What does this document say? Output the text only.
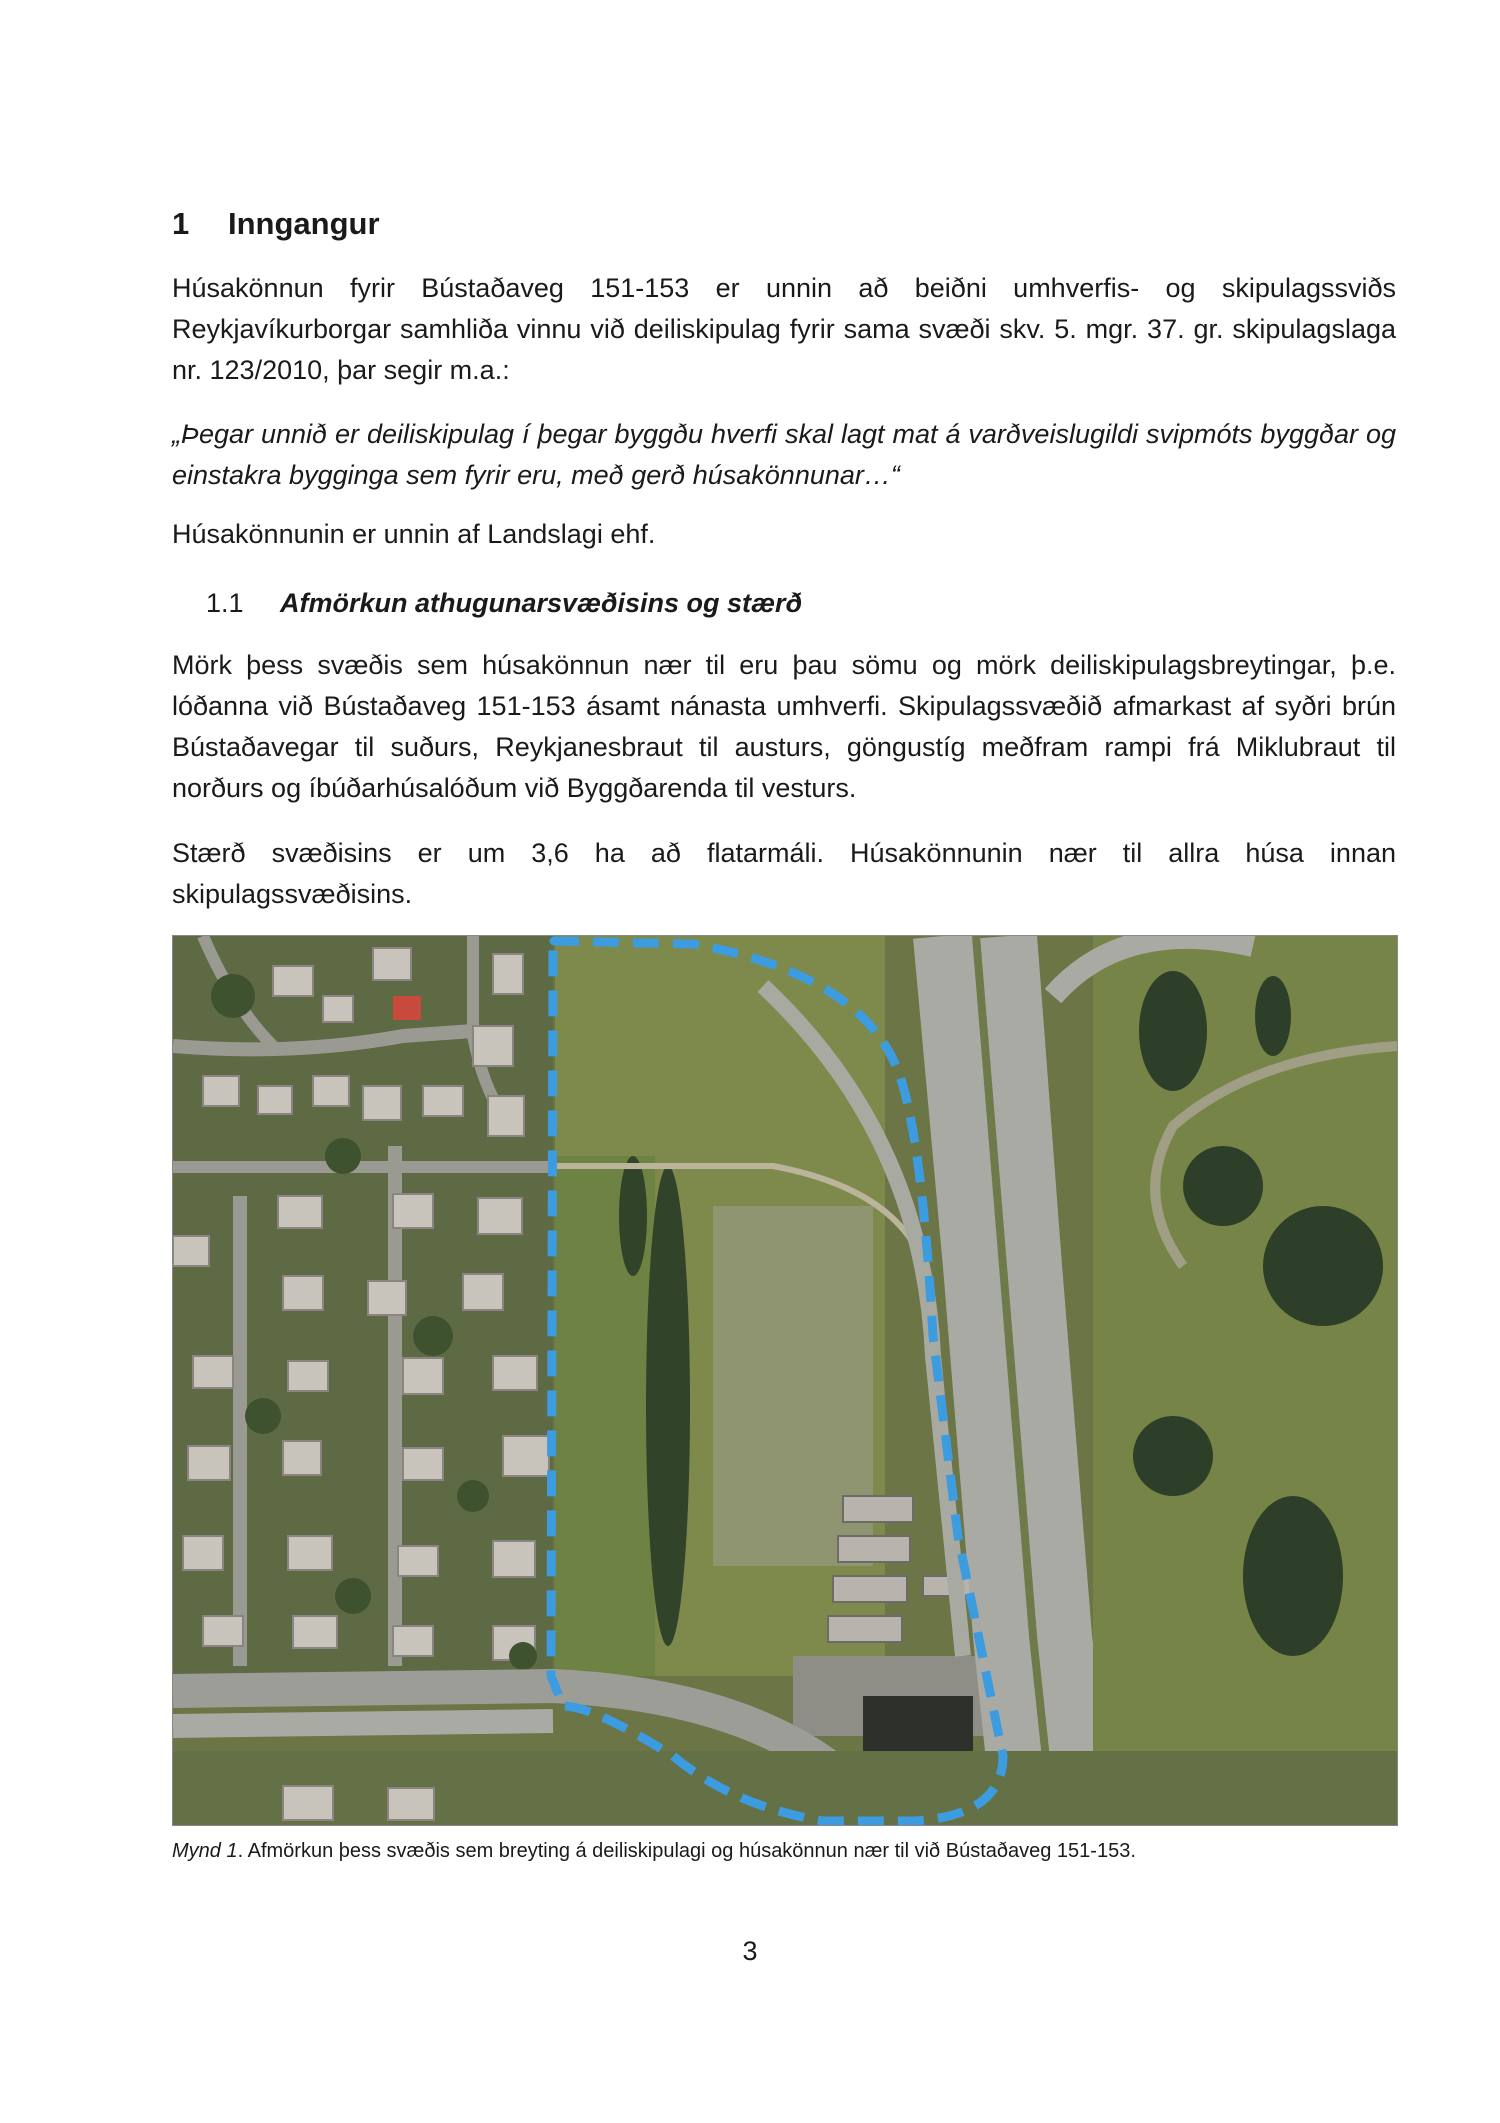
1 Inngangur

Húsakönnun fyrir Bústaðaveg 151-153 er unnin að beiðni umhverfis- og skipulagssviðs Reykjavíkurborgar samhliða vinnu við deiliskipulag fyrir sama svæði skv. 5. mgr. 37. gr. skipulagslaga nr. 123/2010, þar segir m.a.:

„Þegar unnið er deiliskipulag í þegar byggðu hverfi skal lagt mat á varðveislugildi svipmóts byggðar og einstakra bygginga sem fyrir eru, með gerð húsakönnunar…“

Húsakönnunin er unnin af Landslagi ehf.

1.1 Afmörkun athugunarsvæðisins og stærð

Mörk þess svæðis sem húsakönnun nær til eru þau sömu og mörk deiliskipulagsbreytingar, þ.e. lóðanna við Bústaðaveg 151-153 ásamt nánasta umhverfi. Skipulagssvæðið afmarkast af syðri brún Bústaðavegar til suðurs, Reykjanesbraut til austurs, göngustíg meðfram rampi frá Miklubraut til norðurs og íbúðarhúsalóðum við Byggðarenda til vesturs.

Stærð svæðisins er um 3,6 ha að flatarmáli. Húsakönnunin nær til allra húsa innan skipulagssvæðisins.

Mynd 1. Afmörkun þess svæðis sem breyting á deiliskipulagi og húsakönnun nær til við Bústaðaveg 151-153.
3
